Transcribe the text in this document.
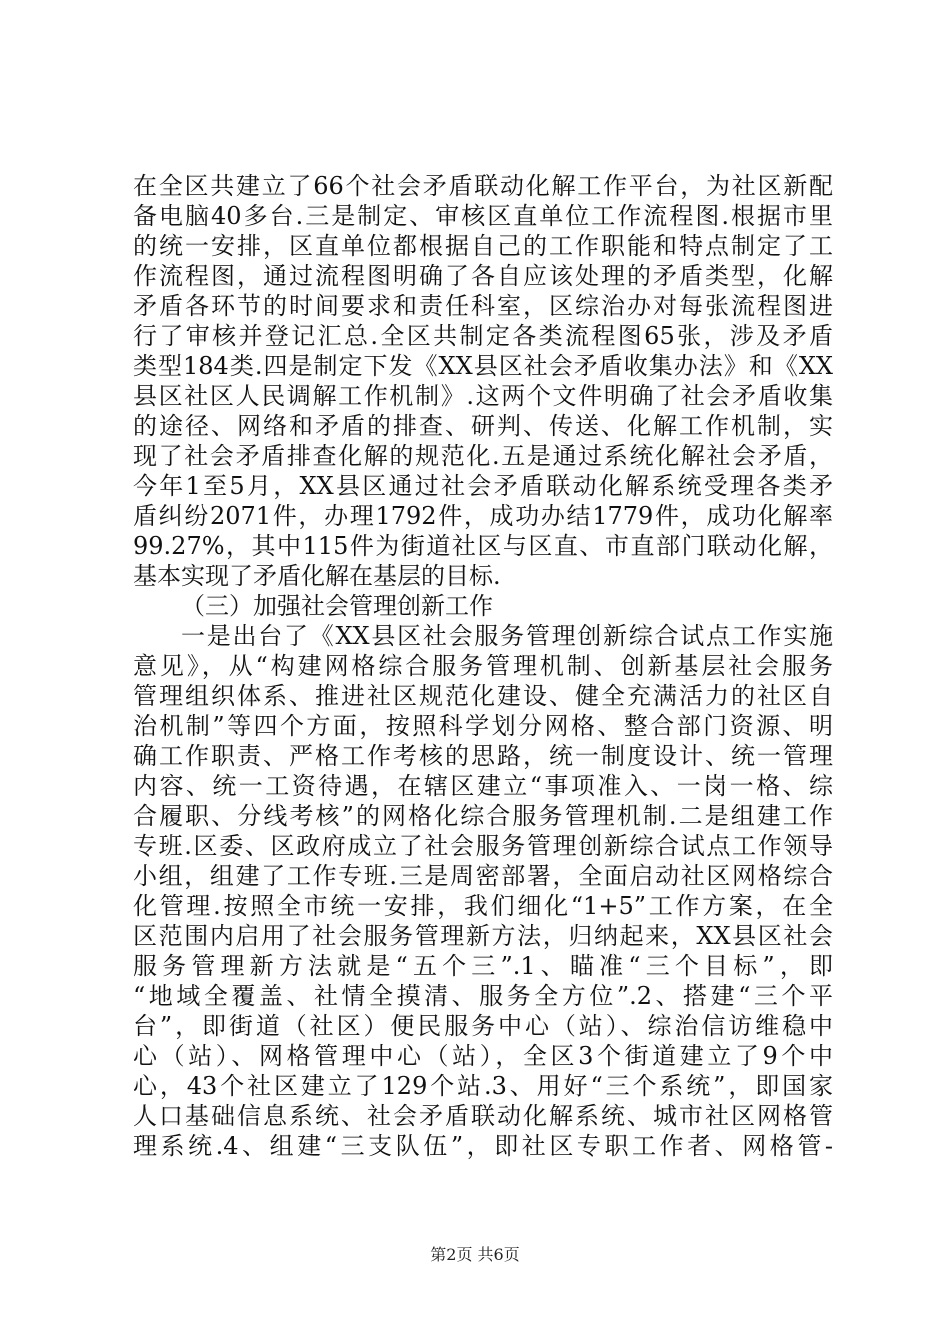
在全区共建立了66个社会矛盾联动化解工作平台，为社区新配
备电脑40多台.三是制定、审核区直单位工作流程图.根据市里
的统一安排，区直单位都根据自己的工作职能和特点制定了工
作流程图，通过流程图明确了各自应该处理的矛盾类型，化解
矛盾各环节的时间要求和责任科室，区综治办对每张流程图进
行了审核并登记汇总.全区共制定各类流程图65张，涉及矛盾
类型184类.四是制定下发《XX县区社会矛盾收集办法》和《XX
县区社区人民调解工作机制》.这两个文件明确了社会矛盾收集
的途径、网络和矛盾的排查、研判、传送、化解工作机制，实
现了社会矛盾排查化解的规范化.五是通过系统化解社会矛盾，
今年1至5月，XX县区通过社会矛盾联动化解系统受理各类矛
盾纠纷2071件，办理1792件，成功办结1779件，成功化解率
99.27%，其中115件为街道社区与区直、市直部门联动化解，
基本实现了矛盾化解在基层的目标.
（三）加强社会管理创新工作
一是出台了《XX县区社会服务管理创新综合试点工作实施
意见》，从“构建网格综合服务管理机制、创新基层社会服务
管理组织体系、推进社区规范化建设、健全充满活力的社区自
治机制”等四个方面，按照科学划分网格、整合部门资源、明
确工作职责、严格工作考核的思路，统一制度设计、统一管理
内容、统一工资待遇，在辖区建立“事项准入、一岗一格、综
合履职、分线考核”的网格化综合服务管理机制.二是组建工作
专班.区委、区政府成立了社会服务管理创新综合试点工作领导
小组，组建了工作专班.三是周密部署，全面启动社区网格综合
化管理.按照全市统一安排，我们细化“1+5”工作方案，在全
区范围内启用了社会服务管理新方法，归纳起来，XX县区社会
服务管理新方法就是“五个三”.1、瞄准“三个目标”，即
“地域全覆盖、社情全摸清、服务全方位”.2、搭建“三个平
台”，即街道（社区）便民服务中心（站）、综治信访维稳中
心（站）、网格管理中心（站），全区3个街道建立了9个中
心，43个社区建立了129个站.3、用好“三个系统”，即国家
人口基础信息系统、社会矛盾联动化解系统、城市社区网格管
理系统.4、组建“三支队伍”，即社区专职工作者、网格管-
第2页 共6页
